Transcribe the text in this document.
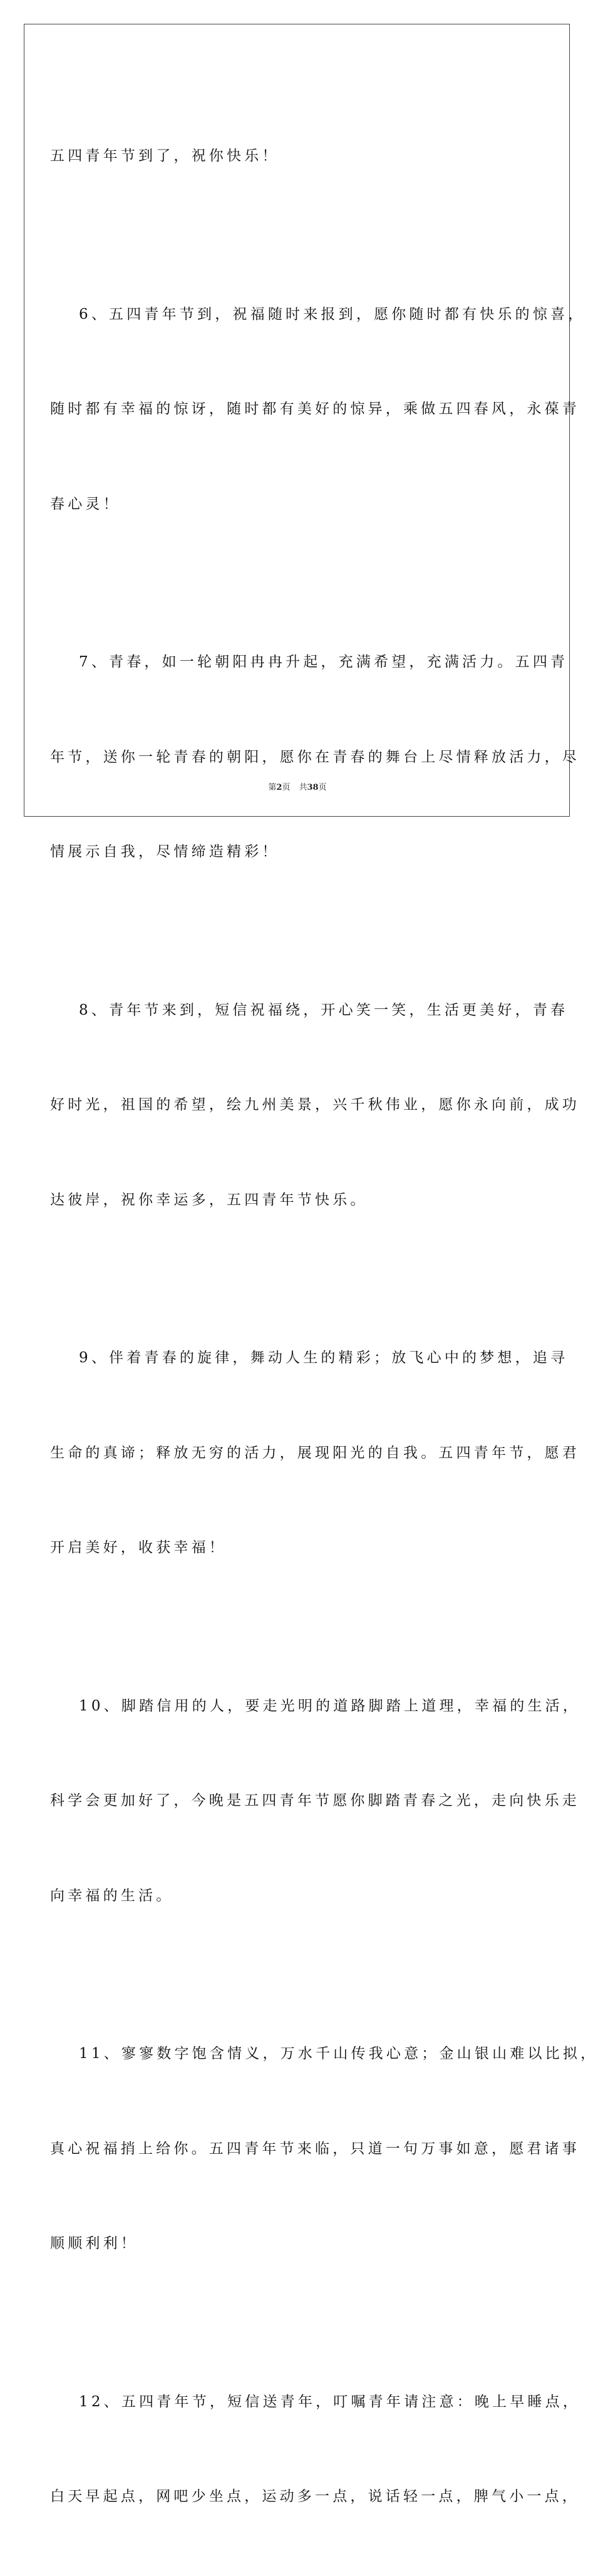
五四青年节到了，祝你快乐！

6、五四青年节到，祝福随时来报到，愿你随时都有快乐的惊喜，

随时都有幸福的惊讶，随时都有美好的惊异，乘做五四春风，永葆青

春心灵！

7、青春，如一轮朝阳冉冉升起，充满希望，充满活力。五四青

年节，送你一轮青春的朝阳，愿你在青春的舞台上尽情释放活力，尽

情展示自我，尽情缔造精彩！

8、青年节来到，短信祝福绕，开心笑一笑，生活更美好，青春

好时光，祖国的希望，绘九州美景，兴千秋伟业，愿你永向前，成功

达彼岸，祝你幸运多，五四青年节快乐。

9、伴着青春的旋律，舞动人生的精彩；放飞心中的梦想，追寻

生命的真谛；释放无穷的活力，展现阳光的自我。五四青年节，愿君

开启美好，收获幸福！

10、脚踏信用的人，要走光明的道路脚踏上道理，幸福的生活，

科学会更加好了，今晚是五四青年节愿你脚踏青春之光，走向快乐走

向幸福的生活。

11、寥寥数字饱含情义，万水千山传我心意；金山银山难以比拟，

真心祝福捎上给你。五四青年节来临，只道一句万事如意，愿君诸事

顺顺利利！

12、五四青年节，短信送青年，叮嘱青年请注意：晚上早睡点，

白天早起点，网吧少坐点，运动多一点，说话轻一点，脾气小一点，

第2页 共38页
